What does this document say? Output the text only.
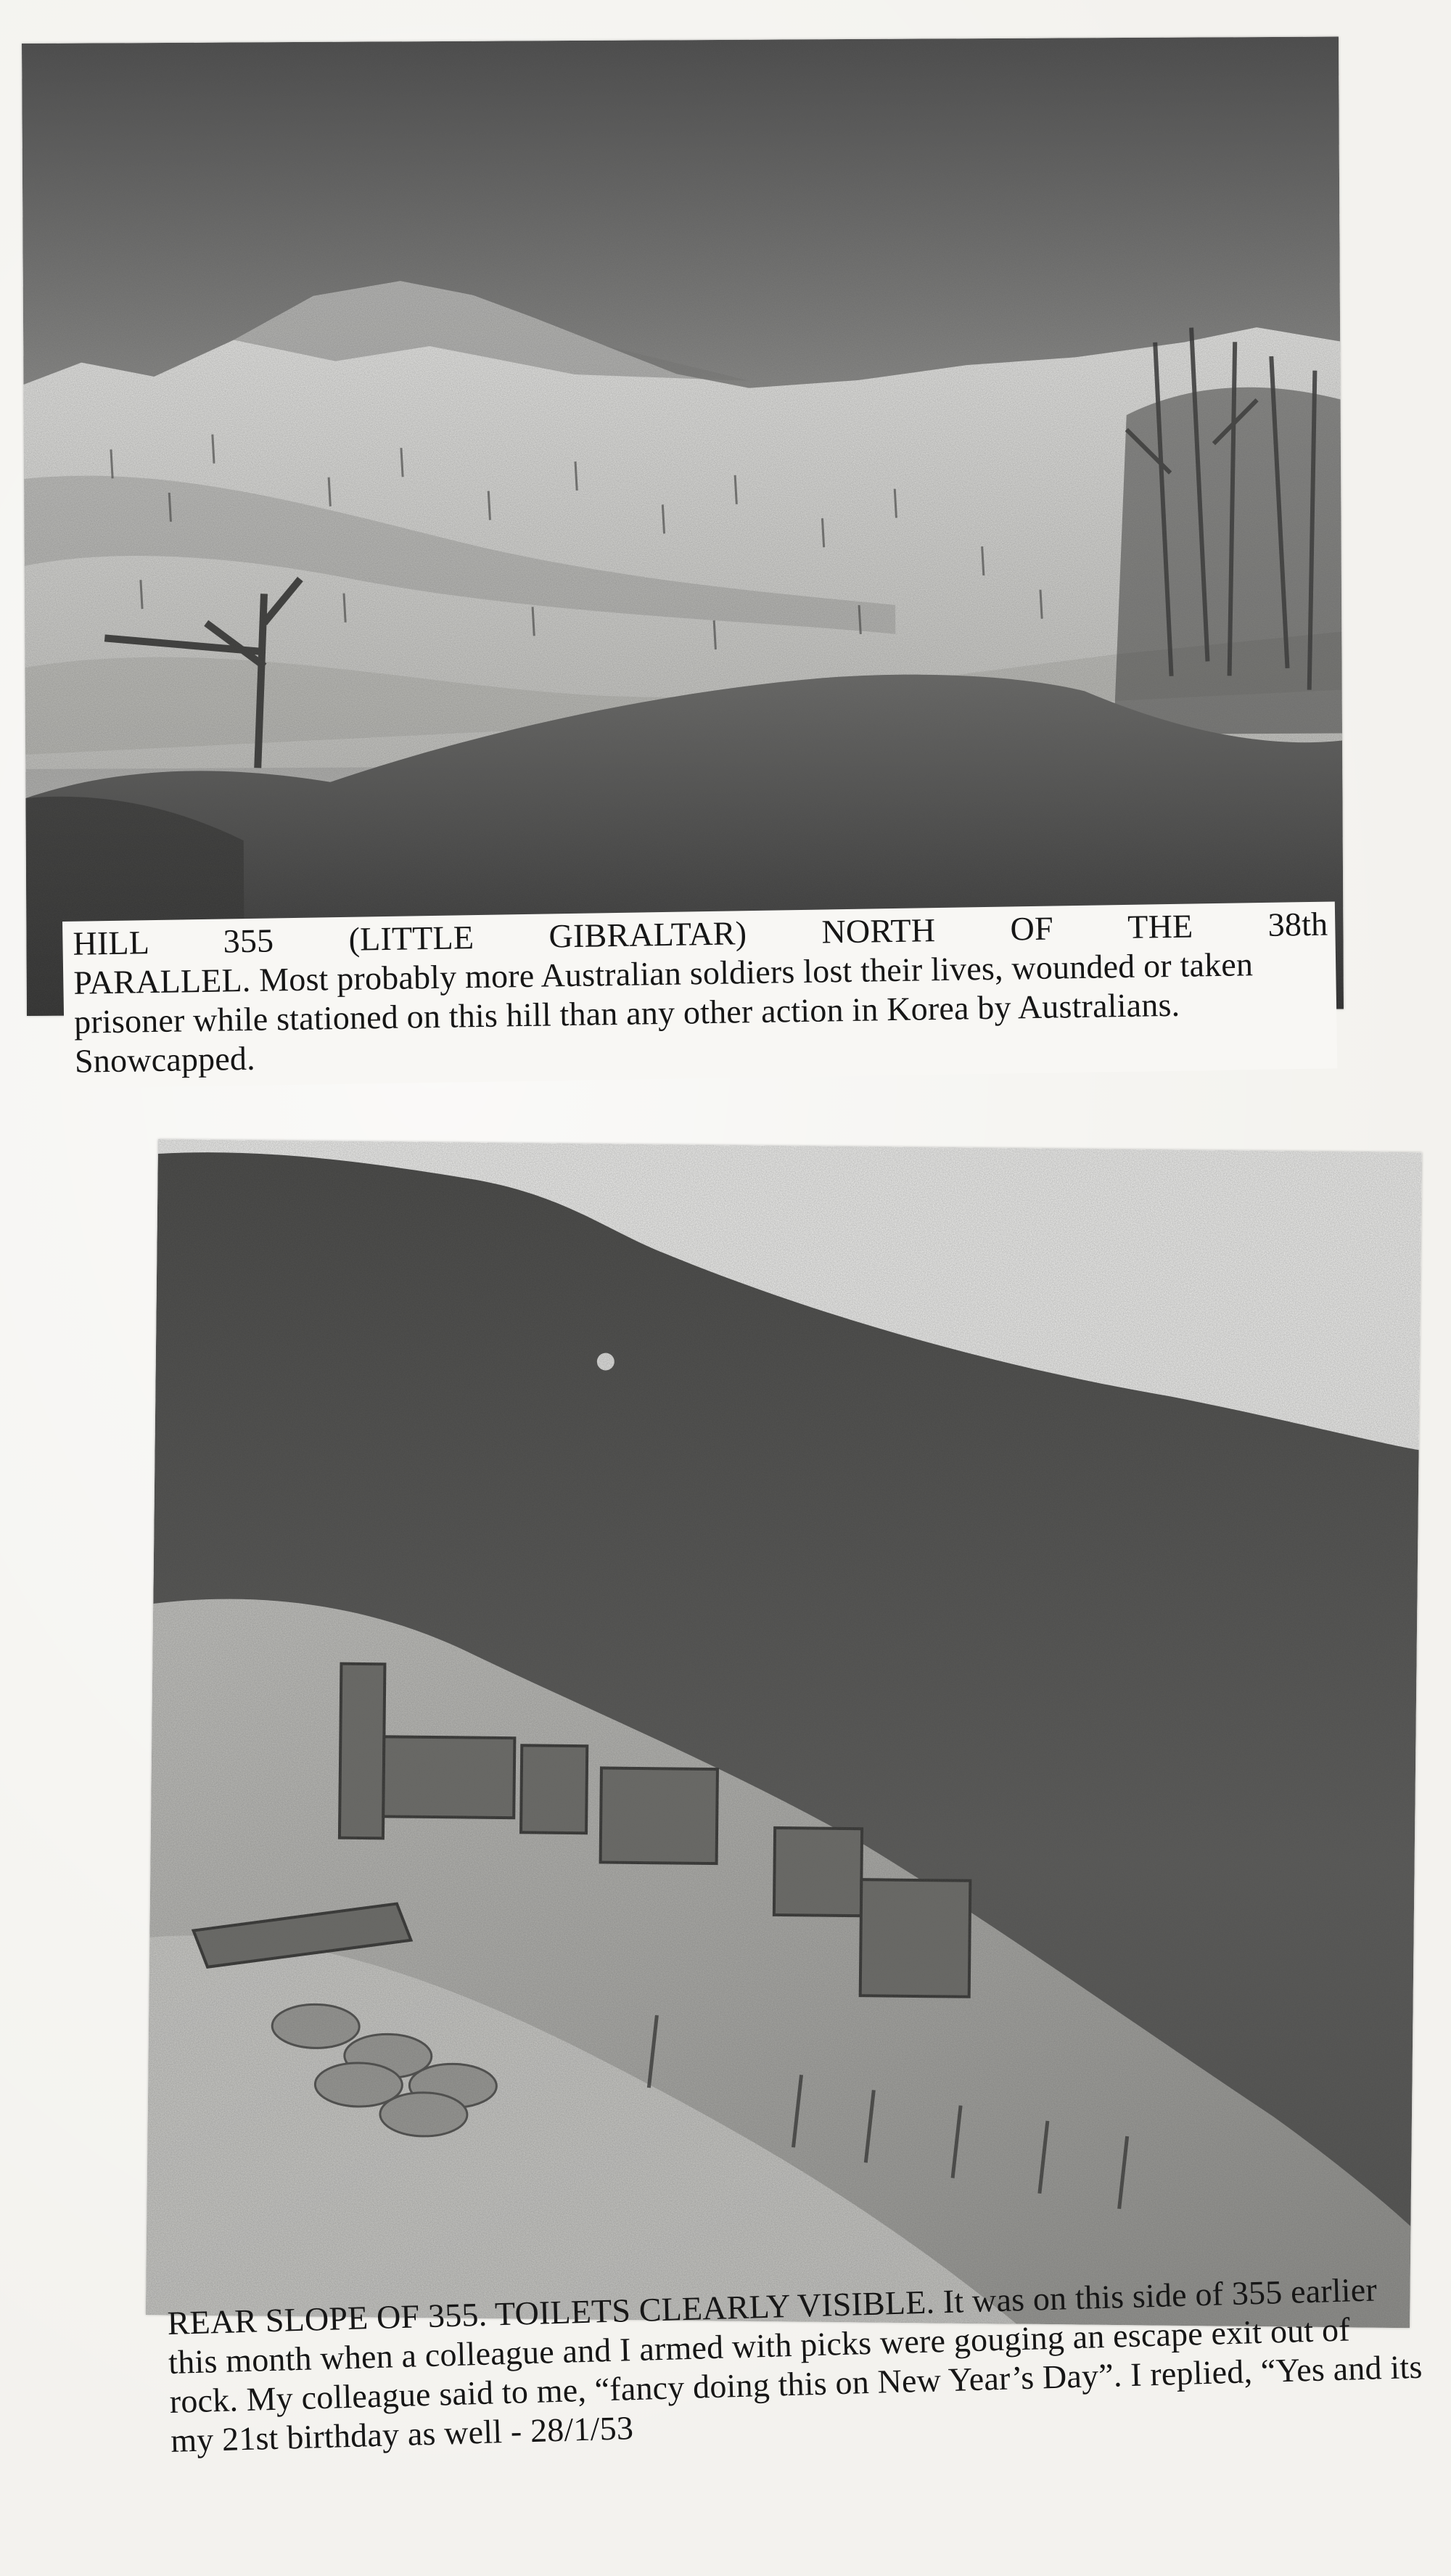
HILL 355 (LITTLE GIBRALTAR) NORTH OF THE 38th
PARALLEL. Most probably more Australian soldiers lost their lives, wounded or taken prisoner while stationed on this hill than any other action in Korea by Australians. Snowcapped.
REAR SLOPE OF 355. TOILETS CLEARLY VISIBLE. It was on this side of 355 earlier this month when a colleague and I armed with picks were gouging an escape exit out of rock. My colleague said to me, “fancy doing this on New Year’s Day”. I replied, “Yes and its my 21st birthday as well - 28/1/53
